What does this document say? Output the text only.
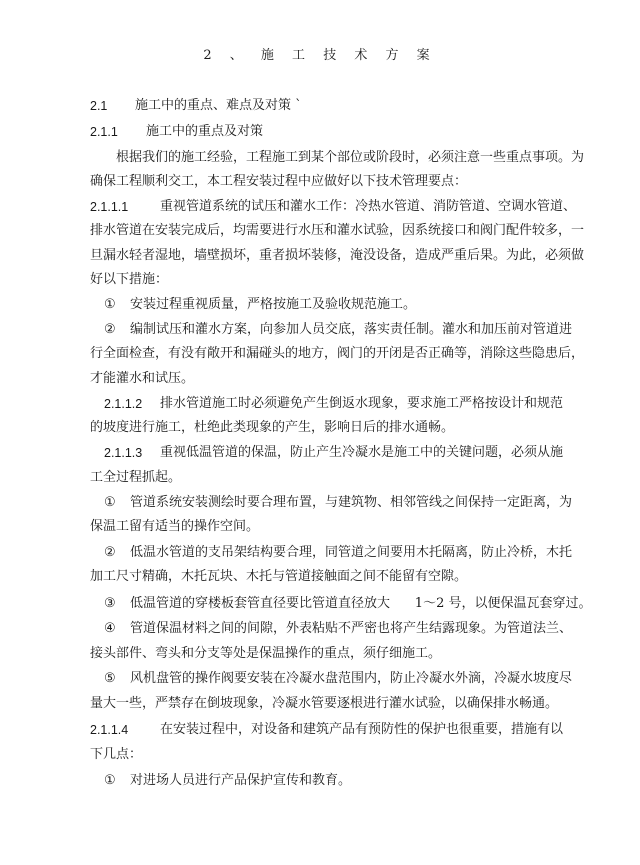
2 、 施 工 技 术 方 案
2.1 施工中的重点、难点及对策 `
2.1.1 施工中的重点及对策
根据我们的施工经验，工程施工到某个部位或阶段时，必须注意一些重点事项。为
确保工程顺利交工，本工程安装过程中应做好以下技术管理要点：
2.1.1.1 重视管道系统的试压和灌水工作：冷热水管道、消防管道、空调水管道、
排水管道在安装完成后，均需要进行水压和灌水试验，因系统接口和阀门配件较多，一
旦漏水轻者湿地，墙壁损坏，重者损坏装修，淹没设备，造成严重后果。为此，必须做
好以下措施：
① 安装过程重视质量，严格按施工及验收规范施工。
② 编制试压和灌水方案，向参加人员交底，落实责任制。灌水和加压前对管道进
行全面检查，有没有敞开和漏碰头的地方，阀门的开闭是否正确等，消除这些隐患后，
才能灌水和试压。
2.1.1.2 排水管道施工时必须避免产生倒返水现象，要求施工严格按设计和规范
的坡度进行施工，杜绝此类现象的产生，影响日后的排水通畅。
2.1.1.3 重视低温管道的保温，防止产生冷凝水是施工中的关键问题，必须从施
工全过程抓起。
① 管道系统安装测绘时要合理布置，与建筑物、相邻管线之间保持一定距离，为
保温工留有适当的操作空间。
② 低温水管道的支吊架结构要合理，同管道之间要用木托隔离，防止冷桥，木托
加工尺寸精确，木托瓦块、木托与管道接触面之间不能留有空隙。
③ 低温管道的穿楼板套管直径要比管道直径放大      1～2 号，以便保温瓦套穿过。
④ 管道保温材料之间的间隙，外表粘贴不严密也将产生结露现象。为管道法兰、
接头部件、弯头和分支等处是保温操作的重点，须仔细施工。
⑤ 风机盘管的操作阀要安装在冷凝水盘范围内，防止冷凝水外滴，冷凝水坡度尽
量大一些，严禁存在倒坡现象，冷凝水管要逐根进行灌水试验，以确保排水畅通。
2.1.1.4 在安装过程中，对设备和建筑产品有预防性的保护也很重要，措施有以
下几点：
① 对进场人员进行产品保护宣传和教育。
